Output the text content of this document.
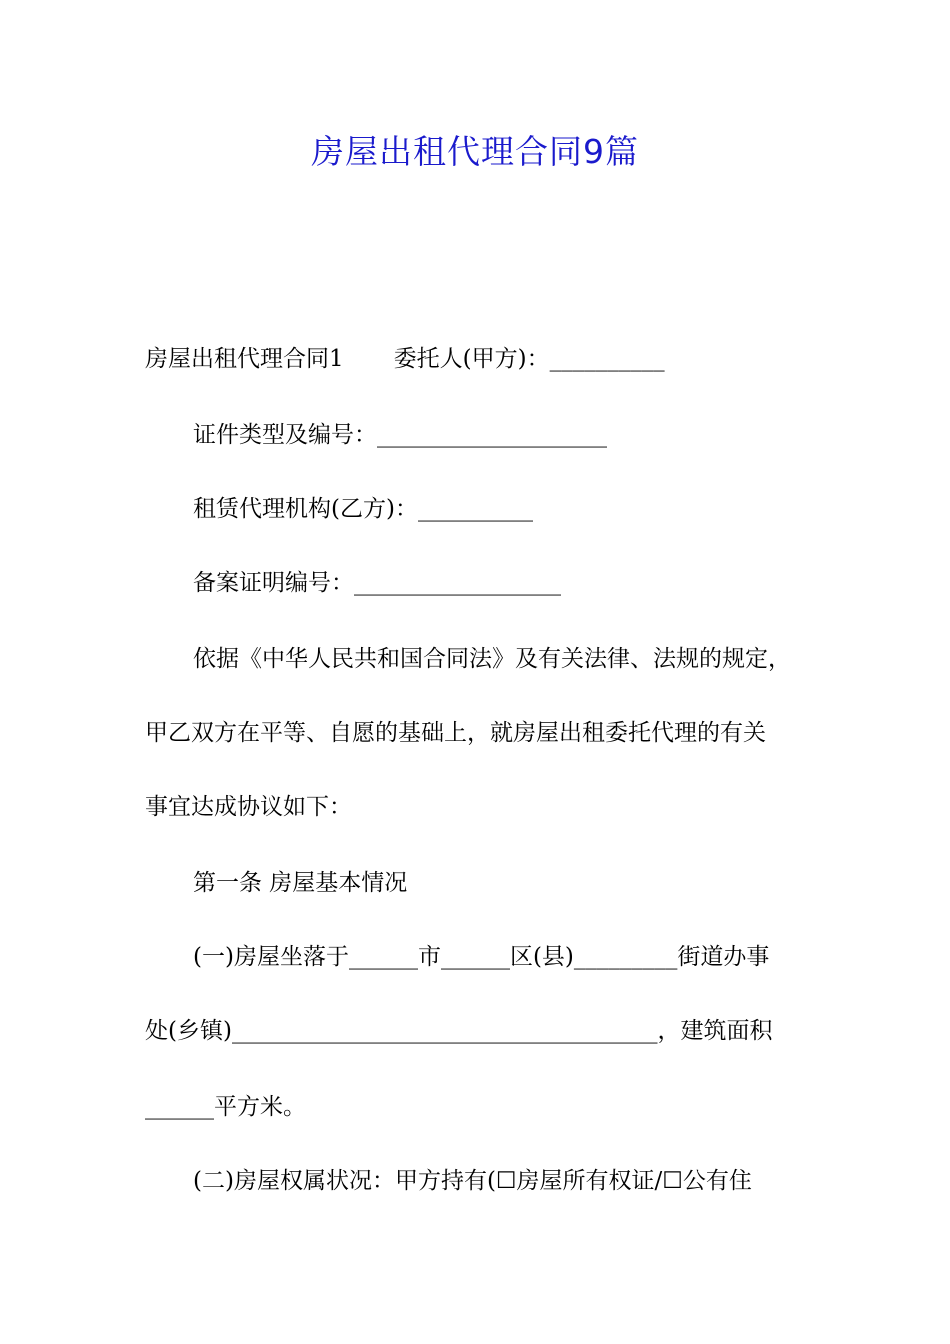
房屋出租代理合同9篇
房屋出租代理合同1 委托人(甲方)：__________
证件类型及编号：____________________
租赁代理机构(乙方)：__________
备案证明编号：__________________
依据《中华人民共和国合同法》及有关法律、法规的规定，
甲乙双方在平等、自愿的基础上，就房屋出租委托代理的有关
事宜达成协议如下：
第一条 房屋基本情况
(一)房屋坐落于______市______区(县)_________街道办事
处(乡镇)_____________________________________，建筑面积
______平方米。
(二)房屋权属状况：甲方持有(☐房屋所有权证/☐公有住
